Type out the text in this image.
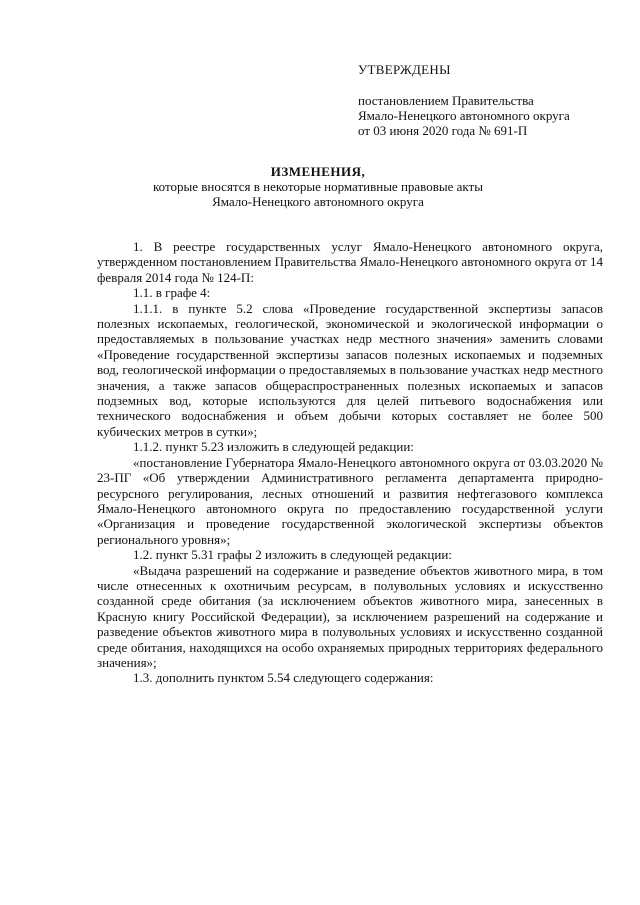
УТВЕРЖДЕНЫ
постановлением Правительства
Ямало-Ненецкого автономного округа
от 03 июня 2020 года № 691-П
ИЗМЕНЕНИЯ,
которые вносятся в некоторые нормативные правовые акты
Ямало-Ненецкого автономного округа

1. В реестре государственных услуг Ямало-Ненецкого автономного округа, утвержденном постановлением Правительства Ямало-Ненецкого автономного округа от 14 февраля 2014 года № 124-П:

1.1. в графе 4:

1.1.1. в пункте 5.2 слова «Проведение государственной экспертизы запасов полезных ископаемых, геологической, экономической и экологической информации о предоставляемых в пользование участках недр местного значения» заменить словами «Проведение государственной экспертизы запасов полезных ископаемых и подземных вод, геологической информации о предоставляемых в пользование участках недр местного значения, а также запасов общераспространенных полезных ископаемых и запасов подземных вод, которые используются для целей питьевого водоснабжения или технического водоснабжения и объем добычи которых составляет не более 500 кубических метров в сутки»;

1.1.2. пункт 5.23 изложить в следующей редакции:

«постановление Губернатора Ямало-Ненецкого автономного округа от 03.03.2020 № 23-ПГ «Об утверждении Административного регламента департамента природно-ресурсного регулирования, лесных отношений и развития нефтегазового комплекса Ямало-Ненецкого автономного округа по предоставлению государственной услуги «Организация и проведение государственной экологической экспертизы объектов регионального уровня»;

1.2. пункт 5.31 графы 2 изложить в следующей редакции:

«Выдача разрешений на содержание и разведение объектов животного мира, в том числе отнесенных к охотничьим ресурсам, в полувольных условиях и искусственно созданной среде обитания (за исключением объектов животного мира, занесенных в Красную книгу Российской Федерации), за исключением разрешений на содержание и разведение объектов животного мира в полувольных условиях и искусственно созданной среде обитания, находящихся на особо охраняемых природных территориях федерального значения»;

1.3. дополнить пунктом 5.54 следующего содержания:
